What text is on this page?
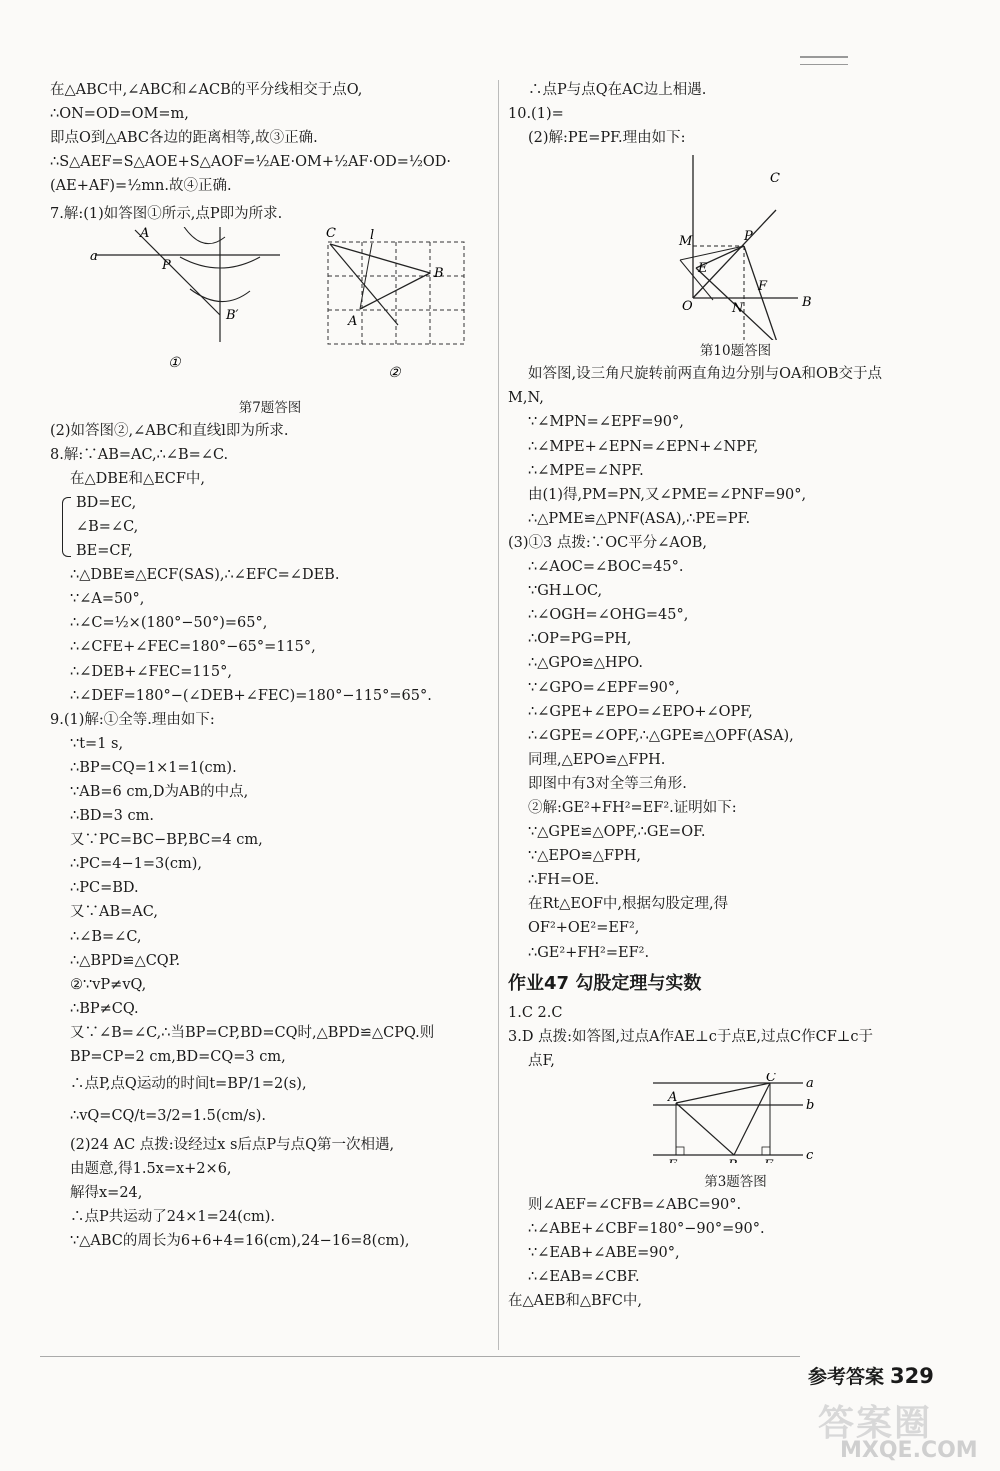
在△ABC中,∠ABC和∠ACB的平分线相交于点O,
∴ON=OD=OM=m,
即点O到△ABC各边的距离相等,故③正确.
∴S△AEF=S△AOE+S△AOF=½AE·OM+½AF·OD=½OD·
(AE+AF)=½mn.故④正确.
7.解:(1)如答图①所示,点P即为所求.
A
a
P
B′
①
C	l
B
A
②
第7题答图
(2)如答图②,∠ABC和直线l即为所求.
8.解:∵AB=AC,∴∠B=∠C.
在△DBE和△ECF中,
BD=EC,
∠B=∠C,
BE=CF,
∴△DBE≌△ECF(SAS),∴∠EFC=∠DEB.
∵∠A=50°,
∴∠C=½×(180°−50°)=65°,
∴∠CFE+∠FEC=180°−65°=115°,
∴∠DEB+∠FEC=115°,
∴∠DEF=180°−(∠DEB+∠FEC)=180°−115°=65°.
9.(1)解:①全等.理由如下:
∵t=1 s,
∴BP=CQ=1×1=1(cm).
∵AB=6 cm,D为AB的中点,
∴BD=3 cm.
又∵PC=BC−BP,BC=4 cm,
∴PC=4−1=3(cm),
∴PC=BD.
又∵AB=AC,
∴∠B=∠C,
∴△BPD≌△CQP.
②∵vP≠vQ,
∴BP≠CQ.
又∵∠B=∠C,∴当BP=CP,BD=CQ时,△BPD≌△CPQ.则
BP=CP=2 cm,BD=CQ=3 cm,
∴点P,点Q运动的时间t=BP/1=2(s),
∴vQ=CQ/t=3/2=1.5(cm/s).
(2)24 AC 点拨:设经过x s后点P与点Q第一次相遇,
由题意,得1.5x=x+2×6,
解得x=24,
∴点P共运动了24×1=24(cm).
∵△ABC的周长为6+6+4=16(cm),24−16=8(cm),
∴点P与点Q在AC边上相遇.
10.(1)=
(2)解:PE=PF.理由如下:
C
M	P
E
F
O	N	B
第10题答图
如答图,设三角尺旋转前两直角边分别与OA和OB交于点
M,N,
∵∠MPN=∠EPF=90°,
∴∠MPE+∠EPN=∠EPN+∠NPF,
∴∠MPE=∠NPF.
由(1)得,PM=PN,又∠PME=∠PNF=90°,
∴△PME≌△PNF(ASA),∴PE=PF.
(3)①3 点拨:∵OC平分∠AOB,
∴∠AOC=∠BOC=45°.
∵GH⊥OC,
∴∠OGH=∠OHG=45°,
∴OP=PG=PH,
∴△GPO≌△HPO.
∵∠GPO=∠EPF=90°,
∴∠GPE+∠EPO=∠EPO+∠OPF,
∴∠GPE=∠OPF,∴△GPE≌△OPF(ASA),
同理,△EPO≌△FPH.
即图中有3对全等三角形.
②解:GE²+FH²=EF².证明如下:
∵△GPE≌△OPF,∴GE=OF.
∵△EPO≌△FPH,
∴FH=OE.
在Rt△EOF中,根据勾股定理,得
OF²+OE²=EF²,
∴GE²+FH²=EF².
作业47 勾股定理与实数
1.C 2.C
3.D 点拨:如答图,过点A作AE⊥c于点E,过点C作CF⊥c于
点F,
A
C a
b
c
第3题答图
则∠AEF=∠CFB=∠ABC=90°.
∴∠ABE+∠CBF=180°−90°=90°.
∵∠EAB+∠ABE=90°,
∴∠EAB=∠CBF.
在△AEB和△BFC中,
参考答案 329
答案圈
MXQE.COM
